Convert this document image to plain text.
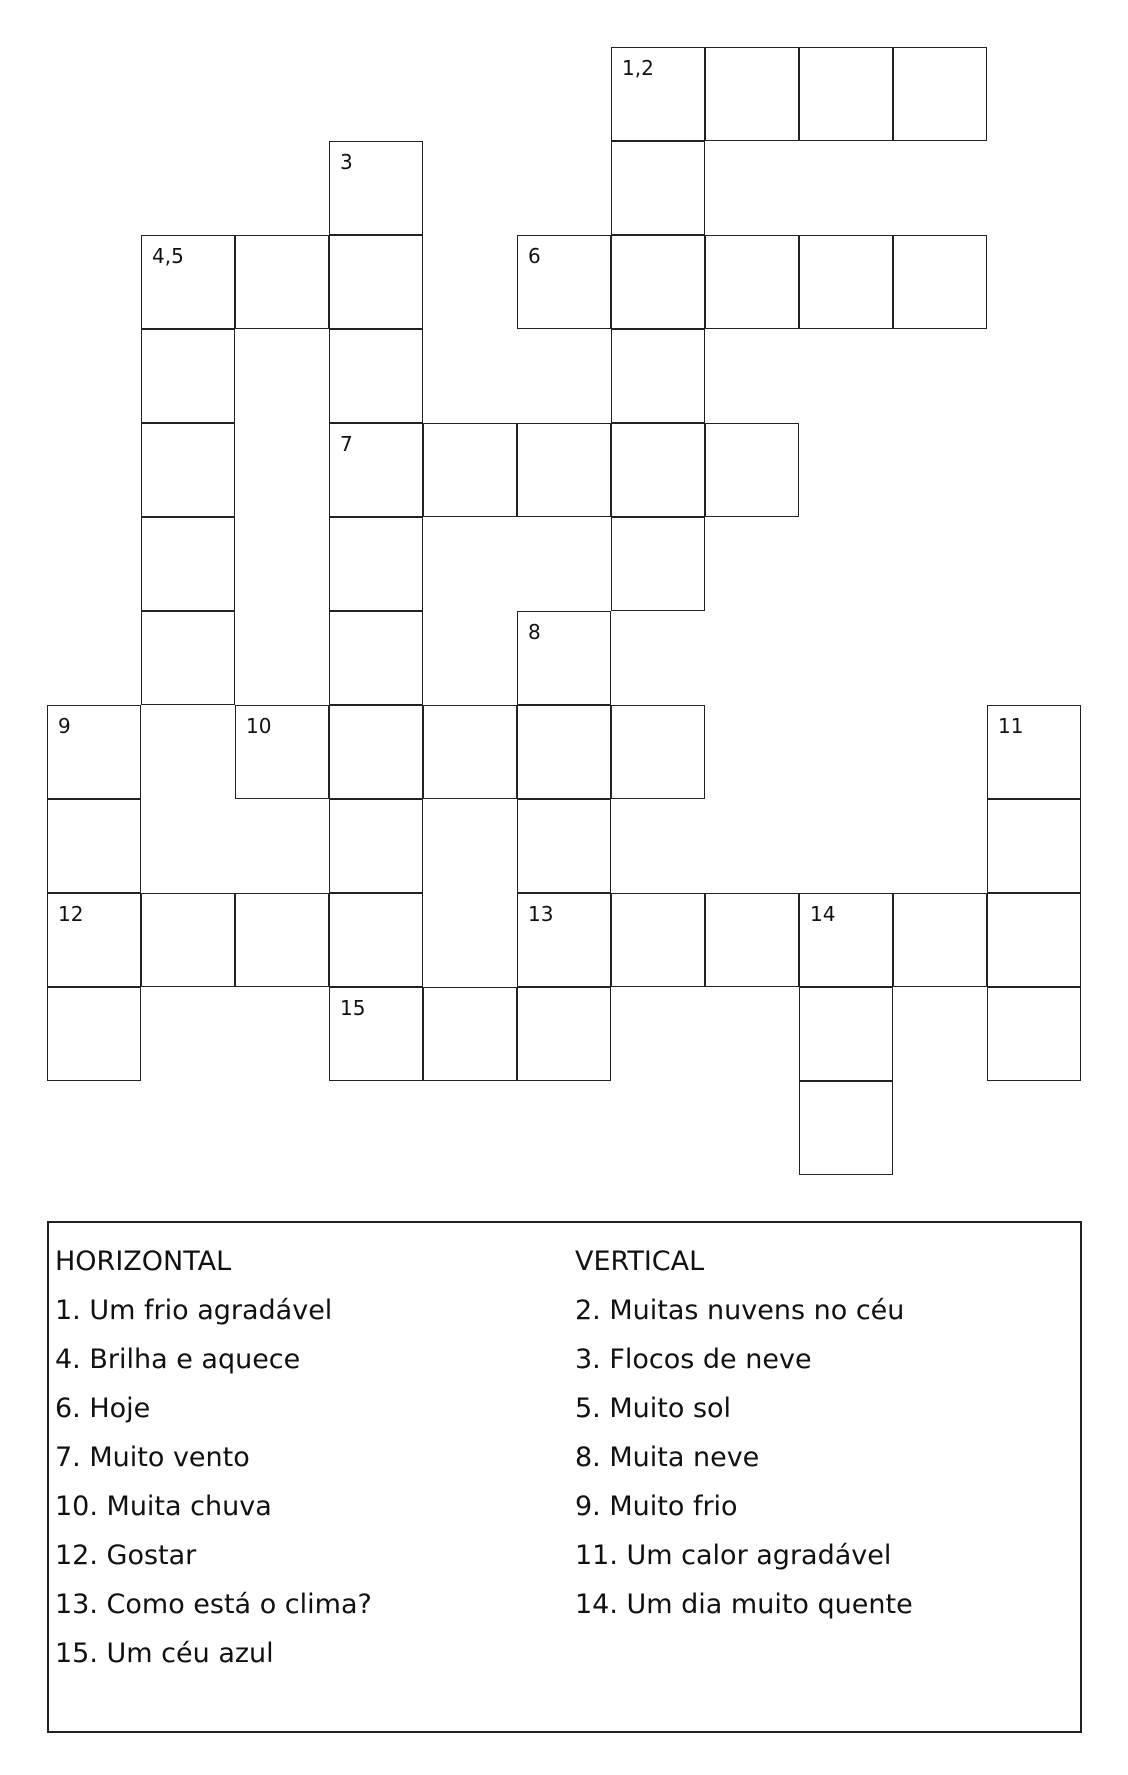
1,2
3
4,5	6
7
8
9	10	11
12	13	14
15
HORIZONTAL
1. Um frio agradável
4. Brilha e aquece
6. Hoje
7. Muito vento
10. Muita chuva
12. Gostar
13. Como está o clima?
15. Um céu azul
VERTICAL
2. Muitas nuvens no céu
3. Flocos de neve
5. Muito sol
8. Muita neve
9. Muito frio
11. Um calor agradável
14. Um dia muito quente
